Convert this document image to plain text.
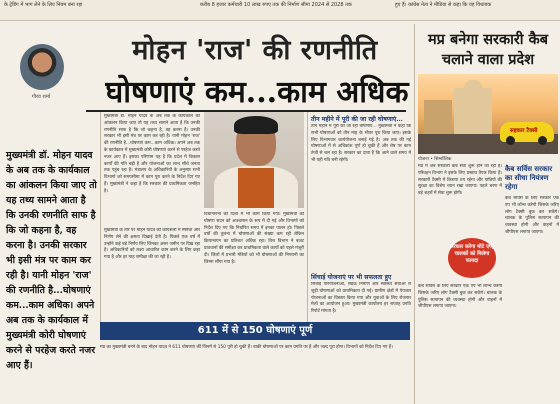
के ट्रेडिंग में भाग लेने के लिए नियम बना रहा	करीब 8 हजार कर्मचारी 10 लाख रुपए तक की निर्माण सीमा 2024 से 2028 तक	हुए हैं। कांग्रेस नेता ने मीडिया से कहा कि वह विधायक
गौरव शर्मा
मोहन 'राज' की रणनीति
घोषणाएं कम...काम अधिक
मुख्यमंत्री डॉ. मोहन यादव के अब तक के कार्यकाल का आंकलन किया जाए तो यह तथ्य सामने आता है कि उनकी रणनीति साफ है कि जो कहना है, वह करना है। उनकी सरकार भी इसी मंत्र पर काम कर रही है। यानी मोहन 'राज' की रणनीति है...घोषणाएं कम...काम अधिक। अपने अब तक के कार्यकाल में मुख्यमंत्री कोरी घोषणाएं करने से परहेज करते नजर आए हैं।
मुख्यमंत्री डॉ. मोहन यादव के अब तक के कार्यकाल का आंकलन किया जाए तो यह तथ्य सामने आता है कि उनकी रणनीति साफ है कि जो कहना है, वह करना है। उनकी सरकार भी इसी मंत्र पर काम कर रही है। यानी मोहन 'राज' की रणनीति है...घोषणाएं कम...काम अधिक। अपने अब तक के कार्यकाल में मुख्यमंत्री कोरी घोषणाएं करने से परहेज करते नजर आए हैं। इसका परिणाम यह है कि प्रदेश में विकास कार्यों की गति बढ़ी है और योजनाओं का लाभ सीधे जनता तक पहुंच रहा है। मंत्रालय के अधिकारियों के अनुसार सभी विभागों को समयसीमा में काम पूरा करने के निर्देश दिए गए हैं। मुख्यमंत्री ने कहा है कि सरकार की प्राथमिकता जनहित है।
मुख्यमंत्री के तौर पर मोहन यादव की कार्यशैली में स्पष्टता और निर्णय लेने की क्षमता दिखाई देती है। पिछले एक वर्ष में उन्होंने कई बड़े निर्णय लिए जिनका असर जमीन पर दिख रहा है। अधिकारियों को लक्ष्य आधारित काम करने के लिए कहा गया है और हर माह समीक्षा की जा रही है।
विधानसभा की दिशा में भी काम किया गया। मुख्यमंत्री की घोषणा सदन को आश्वासन के रूप में दी गई और विभागों को निर्देश दिए गए कि निर्धारित समय में इनका पालन हो। पिछले वर्षों की तुलना में घोषणाओं की संख्या कम रही लेकिन क्रियान्वयन का प्रतिशत अधिक रहा। वित्त विभाग ने बजट प्रावधानों की समीक्षा कर प्राथमिकता वाले कार्यों को पहले मंजूरी दी। जिलों में प्रभारी मंत्रियों को भी घोषणाओं की निगरानी का जिम्मा सौंपा गया है।
तीन महीने में पूरी की जा रही घोषणाएं...
तीन महीने में पूरी की जा रही घोषणाएं... मुख्यमंत्री ने कहा कि सभी घोषणाओं को तीन माह के भीतर पूरा किया जाए। इसके लिए विभागवार कार्ययोजना बनाई गई है। अब तक की गई घोषणाओं में से अधिकांश पूर्ण हो चुकी हैं और शेष पर काम तेजी से चल रहा है। सरकार का दावा है कि आने वाले समय में भी यही गति बनी रहेगी।
सिंचाई योजनाएं पर भी सफलता हुए
सिंचाई परियोजनाओं, सड़क निर्माण और स्वास्थ्य सेवाओं से जुड़ी घोषणाओं को प्राथमिकता दी गई। ग्रामीण क्षेत्रों में पेयजल योजनाओं का विस्तार किया गया और युवाओं के लिए रोजगार मेलों का आयोजन हुआ। मुख्यमंत्री कार्यालय हर सप्ताह प्रगति रिपोर्ट मांगता है।
611 में से 150 घोषणाएं पूर्ण
मप्र का मुख्यमंत्री बनने के बाद मोहन यादव ने 611 घोषणाएं कीं जिनमें से 150 पूरी हो चुकी हैं। बाकी घोषणाओं पर काम प्रगति पर है और जल्द पूरा होगा। विभागों को निर्देश दिए गए हैं।
मप्र बनेगा सरकारी कैब
चलाने वाला प्रदेश
सहकार टैक्सी
योजना • सिम्बॉलिक
मप्र में अब सरकारी कैब सेवा शुरू होने जा रही है। परिवहन विभाग ने इसके लिए प्रस्ताव तैयार किया है। सरकारी टैक्सी में किराया तय रहेगा और यात्रियों की सुरक्षा का विशेष ध्यान रखा जाएगा। पहले चरण में बड़े शहरों में सेवा शुरू होगी।
सरकार करेगा मोटे एप, चालकों को मिलेगा फायदा
कैब सर्विस के लिए सरकार एक एप भी लॉन्च करेगी जिसके जरिए लोग टैक्सी बुक कर सकेंगे। चालक के पुलिस सत्यापन की व्यवस्था होगी और वाहनों में जीपीएस लगाया जाएगा।
कैब सर्विस सरकार का सीधा नियंत्रण रहेगा
कैब सर्विस के लिए सरकार एक एप भी लॉन्च करेगी जिसके जरिए लोग टैक्सी बुक कर सकेंगे। चालक के पुलिस सत्यापन की व्यवस्था होगी और वाहनों में जीपीएस लगाया जाएगा।
